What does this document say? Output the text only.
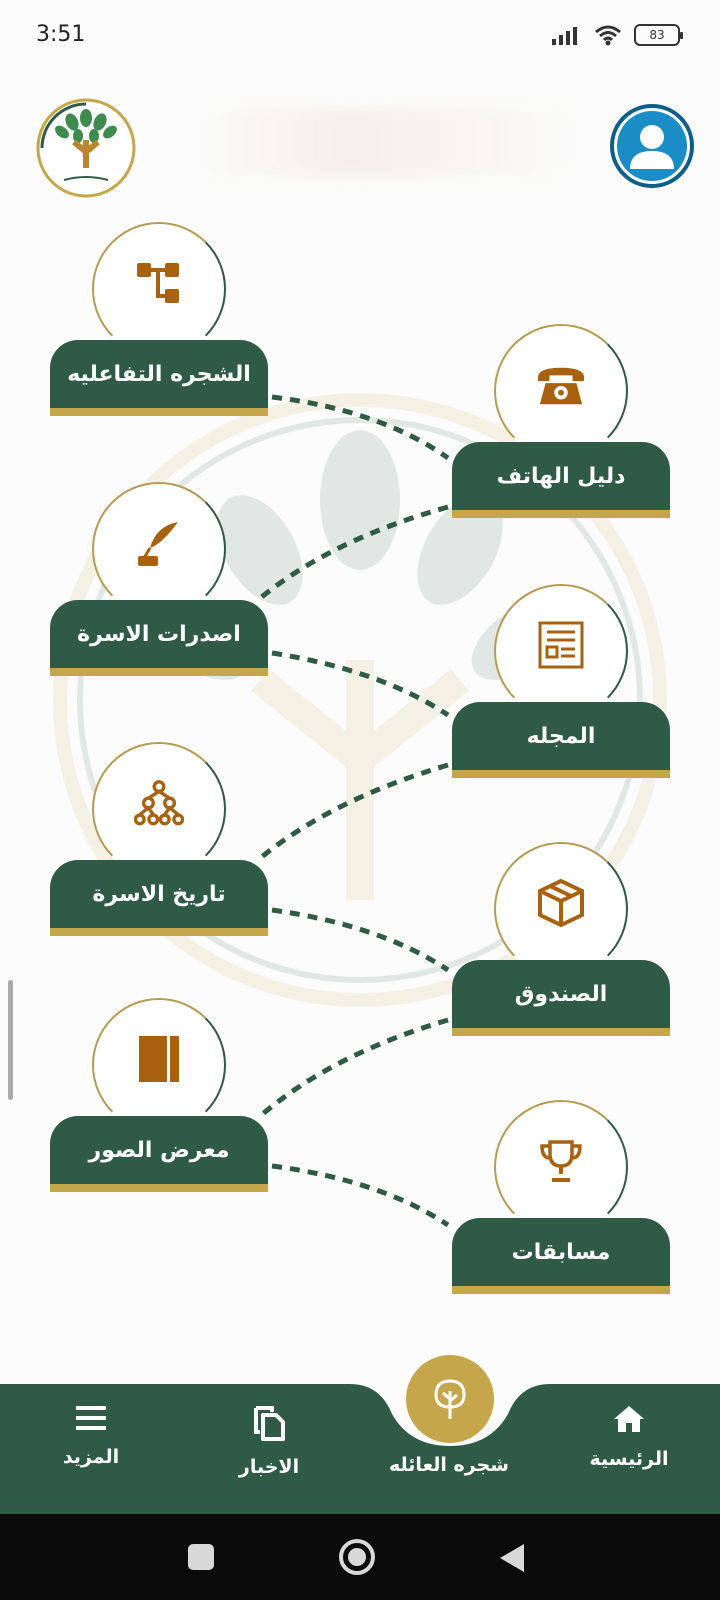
3:51	83
الشجره التفاعليه
اصدرات الاسرة
تاريخ الاسرة
معرض الصور
دليل الهاتف
المجله
الصندوق
مسابقات
الرئيسية
شجره العائله
الاخبار
المزيد
